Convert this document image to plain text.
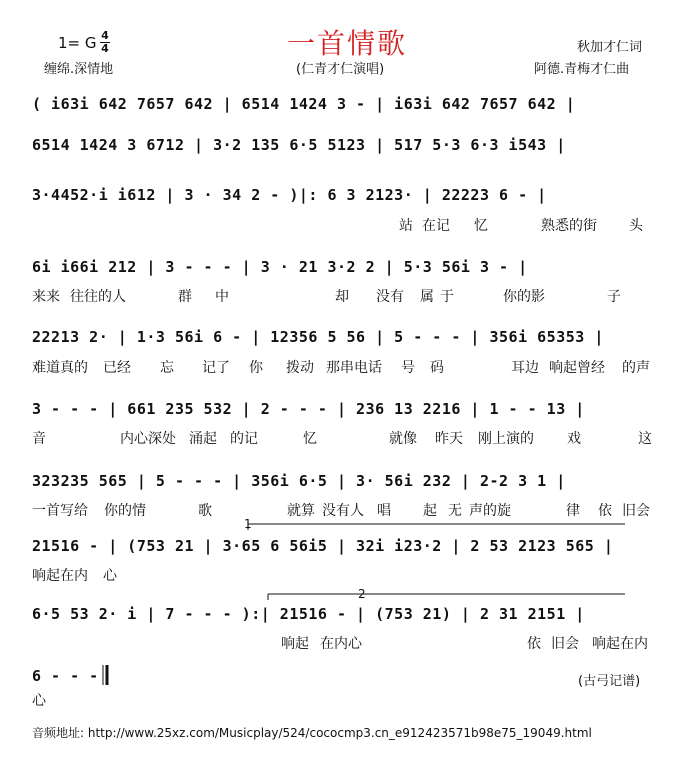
1= G 4
4	一首情歌	秋加才仁词
缠绵.深情地	(仁青才仁演唱)	阿德.青梅才仁曲
( i63i 642 7657 642 | 6514 1424 3 - | i63i 642 7657 642 |
6514 1424 3 6712 | 3·2 135 6·5 5123 | 517 5·3 6·3 i543 |
3·4452·i i612 | 3 · 34 2 - )|: 6 3 2123· | 22223 6 - |
站 在记 忆	熟悉的街 头
6i i66i 212 | 3 - - - | 3 · 21 3·2 2 | 5·3 56i 3 - |
来来 往往的人	群 中	却 没有 属 于	你的影	子
22213 2· | 1·3 56i 6 - | 12356 5 56 | 5 - - - | 356i 65353 |
难道真的 已经 忘 记了 你 拨动 那串电话 号 码	耳边 响起曾经 的声
3 - - - | 661 235 532 | 2 - - - | 236 13 2216 | 1 - - 13 |
音	内心深处 涌起 的记	忆	就像 昨天 刚上演的 戏	这
323235 565 | 5 - - - | 356i 6·5 | 3· 56i 232 | 2-2 3 1 |
一首写给 你的情	歌	就算 没有人 唱 起 无 声的旋	律 依 旧会
1
21516 - | (753 21 | 3·65 6 56i5 | 32i i23·2 | 2 53 2123 565 |
响起在内 心
2
6·5 53 2· i | 7 - - - ):| 21516 - | (753 21) | 2 31 2151 |
响起 在内心	依 旧会 响起在内
6 - - -
心
(古弓记谱)
音频地址: http://www.25xz.com/Musicplay/524/cococmp3.cn_e912423571b98e75_19049.html
